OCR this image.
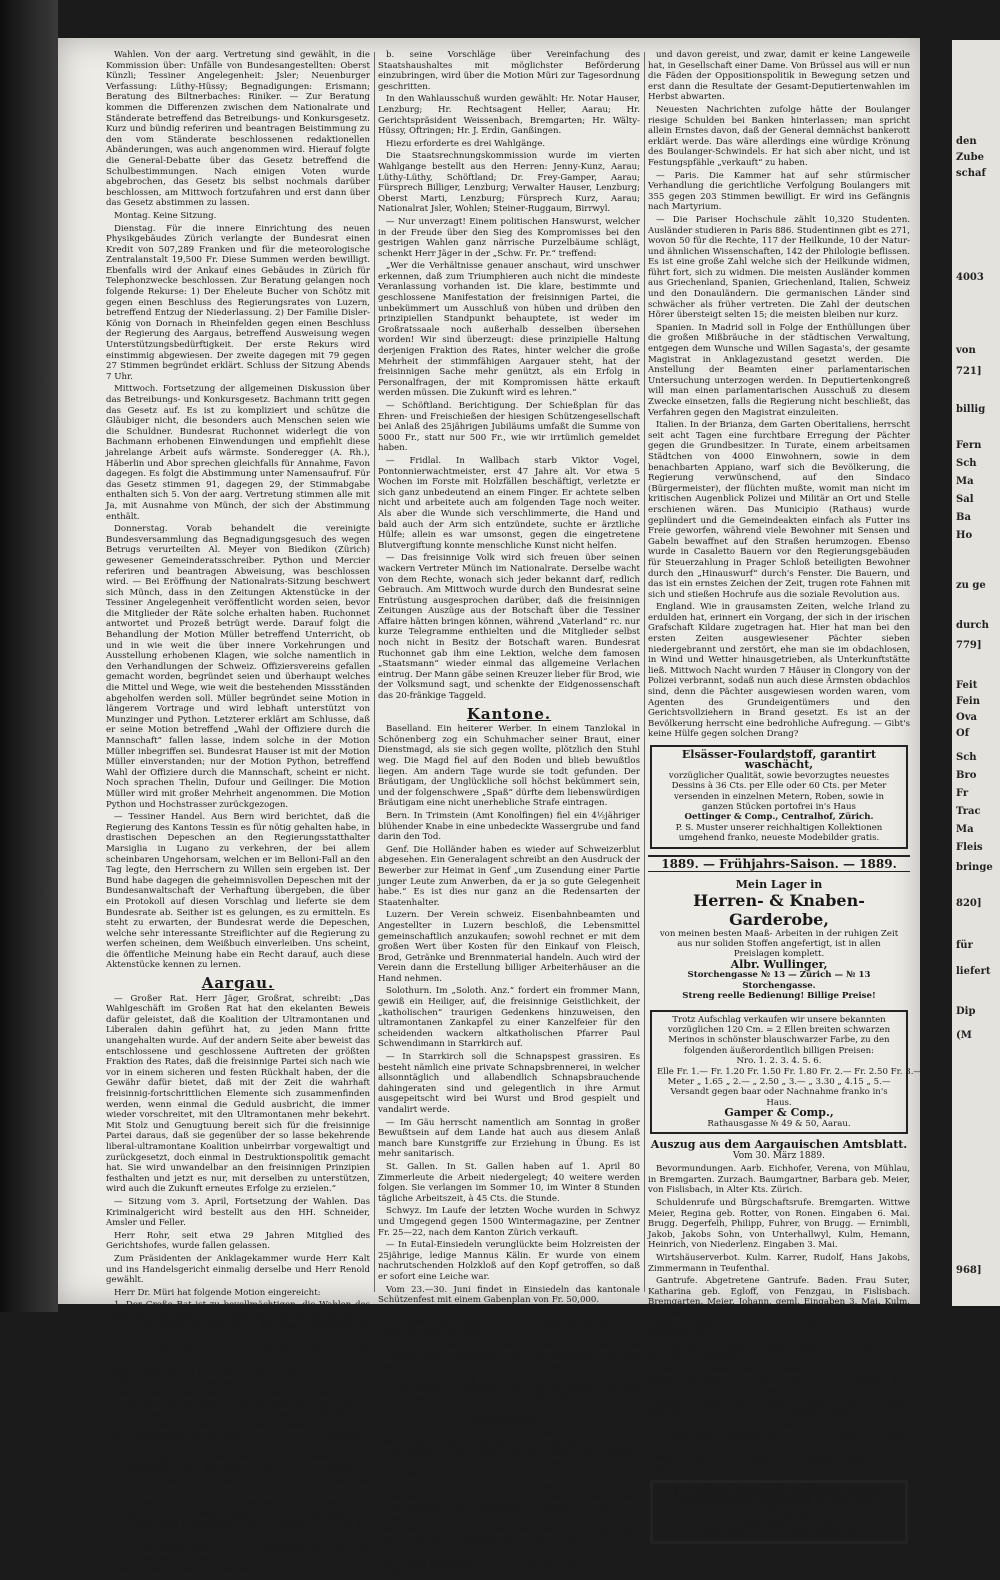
Wahlen. Von der aarg. Vertretung sind gewählt, in die Kommission über: Unfälle von Bundesangestellten: Oberst Künzli; Tessiner Angelegenheit: Jsler; Neuenburger Verfassung: Lüthy-Hüssy; Begnadigungen: Erismann; Beratung des Biltnerbaches: Riniker. — Zur Beratung kommen die Differenzen zwischen dem Nationalrate und Ständerate betreffend das Betreibungs- und Konkursgesetz. Kurz und bündig referiren und beantragen Beistimmung zu den vom Ständerate beschlossenen redaktionellen Abänderungen, was auch angenommen wird. Hierauf folgte die General-Debatte über das Gesetz betreffend die Schulbestimmungen. Nach einigen Voten wurde abgebrochen, das Gesetz bis selbst nochmals darüber beschlossen, am Mittwoch fortzufahren und erst dann über das Gesetz abstimmen zu lassen.

Montag. Keine Sitzung.

Dienstag. Für die innere Einrichtung des neuen Physikgebäudes Zürich verlangte der Bundesrat einen Kredit von 507,289 Franken und für die meteorologische Zentralanstalt 19,500 Fr. Diese Summen werden bewilligt. Ebenfalls wird der Ankauf eines Gebäudes in Zürich für Telephonzwecke beschlossen. Zur Beratung gelangen noch folgende Rekurse: 1) Der Eheleute Bucher von Schötz mit gegen einen Beschluss des Regierungsrates von Luzern, betreffend Entzug der Niederlassung. 2) Der Familie Disler-König von Dornach in Rheinfelden gegen einen Beschluss der Regierung des Aargaus, betreffend Ausweisung wegen Unterstützungsbedürftigkeit. Der erste Rekurs wird einstimmig abgewiesen. Der zweite dagegen mit 79 gegen 27 Stimmen begründet erklärt. Schluss der Sitzung Abends 7 Uhr.

Mittwoch. Fortsetzung der allgemeinen Diskussion über das Betreibungs- und Konkursgesetz. Bachmann tritt gegen das Gesetz auf. Es ist zu kompliziert und schütze die Gläubiger nicht, die besonders auch Menschen seien wie die Schuldner. Bundesrat Ruchonnet widerlegt die von Bachmann erhobenen Einwendungen und empfiehlt diese jahrelange Arbeit aufs wärmste. Sonderegger (A. Rh.), Häberlin und Abor sprechen gleichfalls für Annahme, Favon dagegen. Es folgt die Abstimmung unter Namensaufruf. Für das Gesetz stimmen 91, dagegen 29, der Stimmabgabe enthalten sich 5. Von der aarg. Vertretung stimmen alle mit Ja, mit Ausnahme von Münch, der sich der Abstimmung enthält.

Donnerstag. Vorab behandelt die vereinigte Bundesversammlung das Begnadigungsgesuch des wegen Betrugs verurteilten Al. Meyer von Biedikon (Zürich) gewesener Gemeinderatsschreiber. Python und Mercier referiren und beantragen Abweisung, was beschlossen wird. — Bei Eröffnung der Nationalrats-Sitzung beschwert sich Münch, dass in den Zeitungen Aktenstücke in der Tessiner Angelegenheit veröffentlicht worden seien, bevor die Mitglieder der Räte solche erhalten haben. Ruchonnet antwortet und Prozeß betrügt werde. Darauf folgt die Behandlung der Motion Müller betreffend Unterricht, ob und in wie weit die über innere Vorkehrungen und Ausstellung erhobenen Klagen, wie solche namentlich in den Verhandlungen der Schweiz. Offiziersvereins gefallen gemacht worden, begründet seien und überhaupt welches die Mittel und Wege, wie weit die bestehenden Missständen abgeholfen werden soll. Müller begründet seine Motion in längerem Vortrage und wird lebhaft unterstützt von Munzinger und Python. Letzterer erklärt am Schlusse, daß er seine Motion betreffend „Wahl der Offiziere durch die Mannschaft“ fallen lasse, indem solche in der Motion Müller inbegriffen sei. Bundesrat Hauser ist mit der Motion Müller einverstanden; nur der Motion Python, betreffend Wahl der Offiziere durch die Mannschaft, scheint er nicht. Noch sprachen Thelin, Dufour und Geilinger. Die Motion Müller wird mit großer Mehrheit angenommen. Die Motion Python und Hochstrasser zurückgezogen.

— Tessiner Handel. Aus Bern wird berichtet, daß die Regierung des Kantons Tessin es für nötig gehalten habe, in drastischen Depeschen an den Regierungsstatthalter Marsiglia in Lugano zu verkehren, der bei allem scheinbaren Ungehorsam, welchen er im Belloni-Fall an den Tag legte, den Herrschern zu Willen sein ergeben ist. Der Bund habe dagegen die geheimnisvollen Depeschen mit der Bundesanwaltschaft der Verhaftung übergeben, die über ein Protokoll auf diesen Vorschlag und lieferte sie dem Bundesrate ab. Seither ist es gelungen, es zu ermitteln. Es steht zu erwarten, der Bundesrat werde die Depeschen, welche sehr interessante Streiflichter auf die Regierung zu werfen scheinen, dem Weißbuch einverleiben. Uns scheint, die öffentliche Meinung habe ein Recht darauf, auch diese Aktenstücke kennen zu lernen.

Aargau.

— Großer Rat. Herr Jäger, Großrat, schreibt: „Das Wahlgeschäft im Großen Rat hat den ekelanten Beweis dafür geleistet, daß die Koalition der Ultramontanen und Liberalen dahin geführt hat, zu jeden Mann fritte unangehalten wurde. Auf der andern Seite aber beweist das entschlossene und geschlossene Auftreten der größten Fraktion des Rates, daß die freisinnige Partei sich nach wie vor in einem sicheren und festen Rückhalt haben, der die Gewähr dafür bietet, daß mit der Zeit die wahrhaft freisinnig-fortschrittlichen Elemente sich zusammenfinden werden, wenn einmal die Geduld ausbricht, die immer wieder vorschreitet, mit den Ultramontanen mehr bekehrt. Mit Stolz und Genugtuung bereit sich für die freisinnige Partei daraus, daß sie gegenüber der so lasse bekehrende liberal-ultramontane Koalition unbeirrbar vorgewaltigt und zurückgesetzt, doch einmal in Destruktionspolitik gemacht hat. Sie wird unwandelbar an den freisinnigen Prinzipien festhalten und jetzt es nur, mit derselben zu unterstützen, wird auch die Zukunft erneutes Erfolge zu erzielen.“

— Sitzung vom 3. April, Fortsetzung der Wahlen. Das Kriminalgericht wird bestellt aus den HH. Schneider, Amsler und Feller.

Herr Rohr, seit etwa 29 Jahren Mitglied des Gerichtshofes, wurde fallen gelassen.

Zum Präsidenten der Anklagekammer wurde Herr Kalt und ins Handelsgericht einmalig derselbe und Herr Renold gewählt.

Herr Dr. Müri hat folgende Motion eingereicht:

1. Der Große Rat ist zu bevollmächtigen, die Wahlen des Staatsanwaltes und seines Substituten sei mit Rücksicht auf die bevorstehende Vereinfachung des Staatshaushaltes für einmal provisorisch zu treffen.

2. Der Reg.-Rat ist zu beauftragen, die von ihm vorgenommenen Wahlen (aus demselben Grunde) für einmal ebenfalls nur provisorisch zu treffen.

Mit Bezug auf die Verfassung Artikel 33 und § 4 des Besoldungsdekretes vom 27. April 1886, lautend: „Sollten in Zukunft mit Rücksicht auf Beamtungen oder deren Besoldungen Veränderungen eintreten, so bleibt den dadurch betroffenen Beamten jeder an einer Entschädigungsforderung irgend welcher Art vorbehalten“ wird über Antrag 2 zur Tagesordnung geschritten, während Art. 1 der Regierung zur Begutachtung überwiesen wird.

Grundsätzlich wird die Motion Müri betr. Vereinfachung gutgeheißen, denen der beschlossene Antrag Frei-Gamper lautet:

„In Erwägung, daß nach § 4 des Besoldungsdekretes vom 27. April 1886 bei Veränderungen in den Beamtungen nur die bestehenden Möglichkeiten zu gewärtigen sind, mit der Einladung an den Reg.-Rat und die übrigen Wahlbehörden

a. bei künftigen Wahlen in den Anstellungsurkunden von Staatsbeamten ausdrücklich auf § 4 des Besoldungsdekretes zu verweisen;

b. seine Vorschläge über Vereinfachung des Staatshaushaltes mit möglichster Beförderung einzubringen, wird über die Motion Müri zur Tagesordnung geschritten.

In den Wahlausschuß wurden gewählt: Hr. Notar Hauser, Lenzburg; Hr. Rechtsagent Heller, Aarau; Hr. Gerichtspräsident Weissenbach, Bremgarten; Hr. Wälty-Hüssy, Oftringen; Hr. J. Erdin, Ganßingen.

Hiezu erforderte es drei Wahlgänge.

Die Staatsrechnungskommission wurde im vierten Wahlgange bestellt aus den Herren: Jenny-Kunz, Aarau; Lüthy-Lüthy, Schöftland; Dr. Frey-Gamper, Aarau; Fürsprech Billiger, Lenzburg; Verwalter Hauser, Lenzburg; Oberst Marti, Lenzburg; Fürsprech Kurz, Aarau; Nationalrat Jsler, Wohlen; Steiner-Ruggaum, Birrwyl.

— Nur unverzagt! Einem politischen Hanswurst, welcher in der Freude über den Sieg des Kompromisses bei den gestrigen Wahlen ganz närrische Purzelbäume schlägt, schenkt Herr Jäger in der „Schw. Fr. Pr.“ treffend:

„Wer die Verhältnisse genauer anschaut, wird unschwer erkennen, daß zum Triumphieren auch nicht die mindeste Veranlassung vorhanden ist. Die klare, bestimmte und geschlossene Manifestation der freisinnigen Partei, die unbekümmert um Ausschluß von hüben und drüben den prinzipiellen Standpunkt behauptete, ist weder im Großratssaale noch außerhalb desselben übersehen worden! Wir sind überzeugt: diese prinzipielle Haltung derjenigen Fraktion des Rates, hinter welcher die große Mehrheit der stimmfähigen Aargauer steht, hat der freisinnigen Sache mehr genützt, als ein Erfolg in Personalfragen, der mit Kompromissen hätte erkauft werden müssen. Die Zukunft wird es lehren.“

— Schöftland. Berichtigung. Der Schießplan für das Ehren- und Freischießen der hiesigen Schützengesellschaft bei Anlaß des 25jährigen Jubiläums umfaßt die Summe von 5000 Fr., statt nur 500 Fr., wie wir irrtümlich gemeldet haben.

— Fridlal. In Wallbach starb Viktor Vogel, Pontonnierwachtmeister, erst 47 Jahre alt. Vor etwa 5 Wochen im Forste mit Holzfällen beschäftigt, verletzte er sich ganz unbedeutend an einem Finger. Er achtete selben nicht und arbeitete auch am folgenden Tage noch weiter. Als aber die Wunde sich verschlimmerte, die Hand und bald auch der Arm sich entzündete, suchte er ärztliche Hülfe; allein es war umsonst, gegen die eingetretene Blutvergiftung konnte menschliche Kunst nicht helfen.

— Das freisinnige Volk wird sich freuen über seinen wackern Vertreter Münch im Nationalrate. Derselbe wacht von dem Rechte, wonach sich jeder bekannt darf, redlich Gebrauch. Am Mittwoch wurde durch den Bundesrat seine Entrüstung ausgesprochen darüber, daß die freisinnigen Zeitungen Auszüge aus der Botschaft über die Tessiner Affaire hätten bringen können, während „Vaterland“ rc. nur kurze Telegramme enthielten und die Mitglieder selbst noch nicht in Besitz der Botschaft waren. Bundesrat Ruchonnet gab ihm eine Lektion, welche dem famosen „Staatsmann“ wieder einmal das allgemeine Verlachen eintrug. Der Mann gäbe seinen Kreuzer lieber für Brod, wie der Volksmund sagt, und schenkte der Eidgenossenschaft das 20-fränkige Taggeld.

Kantone.

Baselland. Ein heiterer Werber. In einem Tanzlokal in Schönenberg zog ein Schuhmacher seiner Braut, einer Dienstmagd, als sie sich gegen wollte, plötzlich den Stuhl weg. Die Magd fiel auf den Boden und blieb bewußtlos liegen. Am andern Tage wurde sie todt gefunden. Der Bräutigam, der Unglückliche soll höchst bekümmert sein, und der folgenschwere „Spaß“ dürfte dem liebenswürdigen Bräutigam eine nicht unerhebliche Strafe eintragen.

Bern. In Trimstein (Amt Konolfingen) fiel ein 4½jähriger blühender Knabe in eine unbedeckte Wassergrube und fand darin den Tod.

Genf. Die Holländer haben es wieder auf Schweizerblut abgesehen. Ein Generalagent schreibt an den Ausdruck der Bewerber zur Heimat in Genf „um Zusendung einer Partie junger Leute zum Anwerben, da er ja so gute Gelegenheit habe.“ Es ist dies nur ganz an die Redensarten der Staatenhalter.

Luzern. Der Verein schweiz. Eisenbahnbeamten und Angestellter in Luzern beschloß, die Lebensmittel gemeinschaftlich anzukaufen; sowohl rechnet er mit dem großen Wert über Kosten für den Einkauf von Fleisch, Brod, Getränke und Brennmaterial handeln. Auch wird der Verein dann die Erstellung billiger Arbeiterhäuser an die Hand nehmen.

Solothurn. Im „Soloth. Anz.“ fordert ein frommer Mann, gewiß ein Heiliger, auf, die freisinnige Geistlichkeit, der „katholischen“ traurigen Gedenkens hinzuweisen, den ultramontanen Zankapfel zu einer Kanzelfeier für den scheidenden wackern altkatholischen Pfarrer Paul Schwendimann in Starrkirch auf.

— In Starrkirch soll die Schnapspest grassiren. Es besteht nämlich eine private Schnapsbrennerei, in welcher allsonntäglich und allabendlich Schnapsbrauchende dahingeraten sind und gelegentlich in ihre Armut ausgepeitscht wird bei Wurst und Brod gespielt und vandalirt werde.

— Im Gäu herrscht namentlich am Sonntag in großer Bewußtsein auf dem Lande hat auch aus diesem Anlaß manch bare Kunstgriffe zur Erziehung in Übung. Es ist mehr sanitarisch.

St. Gallen. In St. Gallen haben auf 1. April 80 Zimmerleute die Arbeit niedergelegt; 40 weitere werden folgen. Sie verlangen im Sommer 10, im Winter 8 Stunden tägliche Arbeitszeit, à 45 Cts. die Stunde.

Schwyz. Im Laufe der letzten Woche wurden in Schwyz und Umgegend gegen 1500 Wintermagazine, per Zentner Fr. 25—22, nach dem Kanton Zürich verkauft.

— In Eutal-Einsiedeln verunglückte beim Holzreisten der 25jährige, ledige Mannus Kälin. Er wurde von einem nachrutschenden Holzkloß auf den Kopf getroffen, so daß er sofort eine Leiche war.

Vom 23.—30. Juni findet in Einsiedeln das kantonale Schützenfest mit einem Gabenplan von Fr. 50,000.

Wallis. Im Nezarn, bei Leuk sind letzten Mittwoch Nachts 15 Häuser abgebrannt. Die Holzhäuser fielen nach der Tiefe sehr bald einander.

Zürich. Pfarrer Waldburger in Wartalen wurde vom Bezirksgericht Andelfingen der Beschimpfung schuldig erklärt und zu einer Buße und sämtlichen Kosten verurteilt, weil er in der Sonntag vor Weihnachten 1888 in der Kirche die freisinnigen Mitglieder der Kirchenpflege und des Gemeinderates in ihrer Ehre angegriffen hatte.

Ausland.

Deutschland. In Hamburg-Altona haben 1300 Schneider der Nadel und Bügeleisen niedergelegt, weil ihre Forderungen nicht erfüllt worden sind. Die Arbeiter fordern Erhöhung der Löhne und verhandeln mit den Meistern.

— Die Reaktion treibt die tollsten Blüten. Die Lehrer in Schleswig-Holstein sollen unter die verdächtigende Vormundschaft der Geistlichkeit gestellt werden. Der Lehrer- und Lehrerinnenverein, welche beantragte, daß jeder künftig die Prediger der Insel den Auftrag empfangen haben, alle ihre Versammlungen zu überwachen.

Frankreich. Der tapfere General Boulanger hat Fersengeld genommen. Er ist in Brüssel, wo er sich einer Dame

und davon gereist, und zwar, damit er keine Langeweile hat, in Gesellschaft einer Dame. Von Brüssel aus will er nun die Fäden der Oppositionspolitik in Bewegung setzen und erst dann die Resultate der Gesamt-Deputiertenwahlen im Herbst abwarten.

Neuesten Nachrichten zufolge hätte der Boulanger riesige Schulden bei Banken hinterlassen; man spricht allein Ernstes davon, daß der General demnächst bankerott erklärt werde. Das wäre allerdings eine würdige Krönung des Boulanger-Schwindels. Er hat sich aber nicht, und ist Festungspfähle „verkauft“ zu haben.

— Paris. Die Kammer hat auf sehr stürmischer Verhandlung die gerichtliche Verfolgung Boulangers mit 355 gegen 203 Stimmen bewilligt. Er wird ins Gefängnis nach Martyrium.

— Die Pariser Hochschule zählt 10,320 Studenten. Ausländer studieren in Paris 886. Studentinnen gibt es 271, wovon 50 für die Rechte, 117 der Heilkunde, 10 der Natur- und ähnlichen Wissenschaften, 142 der Philologie beflissen. Es ist eine große Zahl welche sich der Heilkunde widmen, führt fort, sich zu widmen. Die meisten Ausländer kommen aus Griechenland, Spanien, Griechenland, Italien, Schweiz und den Donauländern. Die germanischen Länder sind schwächer als früher vertreten. Die Zahl der deutschen Hörer übersteigt selten 15; die meisten bleiben nur kurz.

Spanien. In Madrid soll in Folge der Enthüllungen über die großen Mißbräuche in der städtischen Verwaltung, entgegen dem Wunsche und Willen Sagasta's, der gesamte Magistrat in Anklagezustand gesetzt werden. Die Anstellung der Beamten einer parlamentarischen Untersuchung unterzogen werden. In Deputiertenkongreß will man einen parlamentarischen Ausschuß zu diesem Zwecke einsetzen, falls die Regierung nicht beschließt, das Verfahren gegen den Magistrat einzuleiten.

Italien. In der Brianza, dem Garten Oberitaliens, herrscht seit acht Tagen eine furchtbare Erregung der Pächter gegen die Grundbesitzer. In Turate, einem arbeitsamen Städtchen von 4000 Einwohnern, sowie in dem benachbarten Appiano, warf sich die Bevölkerung, die Regierung verwünschend, auf den Sindaco (Bürgermeister), der flüchten mußte, womit man nicht im kritischen Augenblick Polizei und Militär an Ort und Stelle erschienen wären. Das Municipio (Rathaus) wurde geplündert und die Gemeindeakten einfach als Futter ins Freie geworfen, während viele Bewohner mit Sensen und Gabeln bewaffnet auf den Straßen herumzogen. Ebenso wurde in Casaletto Bauern vor den Regierungsgebäuden für Steuerzahlung in Prager Schloß beteiligten Bewohner durch den „Hinauswurf“ durch's Fenster. Die Bauern, und das ist ein ernstes Zeichen der Zeit, trugen rote Fahnen mit sich und stießen Hochrufe aus die soziale Revolution aus.

England. Wie in grausamsten Zeiten, welche Irland zu erdulden hat, erinnert ein Vorgang, der sich in der irischen Grafschaft Kildare zugetragen hat. Hier hat man bei den ersten Zeiten ausgewiesener Pächter sieben niedergebrannt und zerstört, ehe man sie im obdachlosen, in Wind und Wetter hinausgetrieben, als Unterkunftstätte ließ. Mittwoch Nacht wurden 7 Häuser in Clongory von der Polizei verbrannt, sodaß nun auch diese Ärmsten obdachlos sind, denn die Pächter ausgewiesen worden waren, vom Agenten des Grundeigentümers und den Gerichtsvollziehern in Brand gesetzt. Es ist an der Bevölkerung herrscht eine bedrohliche Aufregung. — Gibt's keine Hülfe gegen solchen Drang?

Elsässer-Foulardstoff, garantirt waschächt,
vorzüglicher Qualität, sowie bevorzugtes neuestes Dessins à 36 Cts. per Elle oder 60 Cts. per Meter versenden in einzelnen Metern, Roben, sowie in ganzen Stücken portofrei in's Haus
Oettinger & Comp., Centralhof, Zürich.
P. S. Muster unserer reichhaltigen Kollektionen umgehend franko, neueste Modebilder gratis.
1889. — Frühjahrs-Saison. — 1889.
Mein Lager in
Herren- & Knaben-Garderobe,
von meinen besten Maaß- Arbeiten in der ruhigen Zeit aus nur soliden Stoffen angefertigt, ist in allen Preislagen komplett.
Albr. Wullinger,
Storchengasse № 13 — Zürich — № 13 Storchengasse.
Streng reelle Bedienung! Billige Preise!
Trotz Aufschlag verkaufen wir unsere bekannten vorzüglichen 120 Cm. = 2 Ellen breiten schwarzen Merinos in schönster blauschwarzer Farbe, zu den folgenden äußerordentlich billigen Preisen:
Nro. 1. 2. 3. 4. 5. 6.
Elle Fr. 1.— Fr. 1.20 Fr. 1.50 Fr. 1.80 Fr. 2.— Fr. 2.50 Fr. 3.—
Meter „ 1.65 „ 2.— „ 2.50 „ 3.— „ 3.30 „ 4.15 „ 5.—
Versandt gegen baar oder Nachnahme franko in's Haus.
Gamper & Comp.,
Rathausgasse № 49 & 50, Aarau.
Auszug aus dem Aargauischen Amtsblatt.
Vom 30. März 1889.

Bevormundungen. Aarb. Eichhofer, Verena, von Mühlau, in Bremgarten. Zurzach. Baumgartner, Barbara geb. Meier, von Fislisbach, in Alter Kts. Zürich.

Schuldenrufe und Bürgschaftsrufe. Bremgarten. Wittwe Meier, Regina geb. Rotter, von Ronen. Eingaben 6. Mai. Brugg. Degerfelh, Philipp, Fuhrer, von Brugg. — Ernimbli, Jakob, Jakobs Sohn, von Unterhallwyl, Kulm, Hemann, Heinrich, von Niederlenz. Eingaben 3. Mai.

Wirtshäuserverbot. Kulm. Karrer, Rudolf, Hans Jakobs, Zimmermann in Teufenthal.

Gantrufe. Abgetretene Gantrufe. Baden. Frau Suter, Katharina geb. Egloff, von Fenzgau, in Fislisbach. Bremgarten. Meier, Johann, geml. Eingaben 3. Mai. Kulm. Erismann, Emma geb. Eichenberger. Laufenburg. Meier, Johann, geml. Ehefrau Frehner, von Gränichen. Pfaffenhausen.

Gelbstrafe-Rückzug. Brugg. Renold, Gottlieb, von Brunegg, in Thalheim.

Rehabilitationen. Baden. Diebold, Franz, Koch, von Baden. Bremgarten. Frau Meier, Anna Maria geb. Inkubazze, Wittwe von Sarmenstorf.

Wiedererweiterungen. Baden. Bogt, Franz Joseph, Schuster, von Freienwyl, — Egloff, Joseph Leonz, von Baden, in Gersau. — Mahr, Baden.

Vermögensbeschlagnahmen. Zurzach. Weber, Johann Jakob, Obermann, von Zurzach. Zurzach, von Hettenschwyl, Gde. Leuggern in Amerika. Einsprüche 30. April.

J. Gerber, Marchd. Tailleur, Aarau.
Reichhaltige Auswahl in Herren-Confektion.
Anzüge nach Maaß.
Reelle Preise. — Prompte Bedienung.
den
Zube
schaf
4003
von
721]
billig
Fern
Sch
Ma
Sal
Ba
Ho
zu ge
durch
779]
Feit
Fein
Ova
Of
Sch
Bro
Fr
Trac
Ma
Fleis
bringe
820]
für
liefert
Dip
(M
968]
